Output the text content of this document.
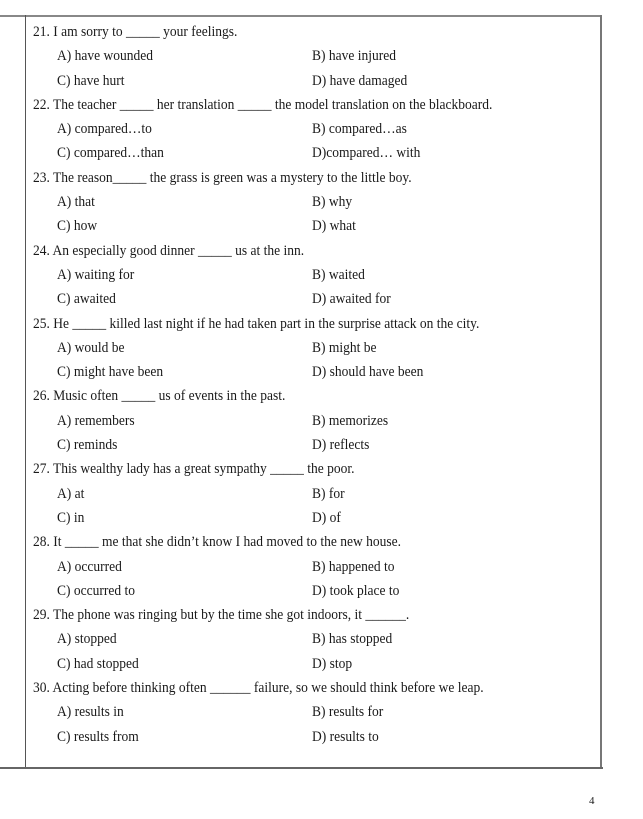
21. I am sorry to _____ your feelings.
A) have wounded	B) have injured
C) have hurt	D) have damaged
22. The teacher _____ her translation _____ the model translation on the blackboard.
A) compared…to	B) compared…as
C) compared…than	D)compared… with
23. The reason_____ the grass is green was a mystery to the little boy.
A) that	B) why
C) how	D) what
24. An especially good dinner _____ us at the inn.
A) waiting for	B) waited
C) awaited	D) awaited for
25. He _____ killed last night if he had taken part in the surprise attack on the city.
A) would be	B) might be
C) might have been	D) should have been
26. Music often _____ us of events in the past.
A) remembers	B) memorizes
C) reminds	D) reflects
27. This wealthy lady has a great sympathy _____ the poor.
A) at	B) for
C) in	D) of
28. It _____ me that she didn’t know I had moved to the new house.
A) occurred	B) happened to
C) occurred to	D) took place to
29. The phone was ringing but by the time she got indoors, it ______.
A) stopped	B) has stopped
C) had stopped	D) stop
30. Acting before thinking often ______ failure, so we should think before we leap.
A) results in	B) results for
C) results from	D) results to
4
